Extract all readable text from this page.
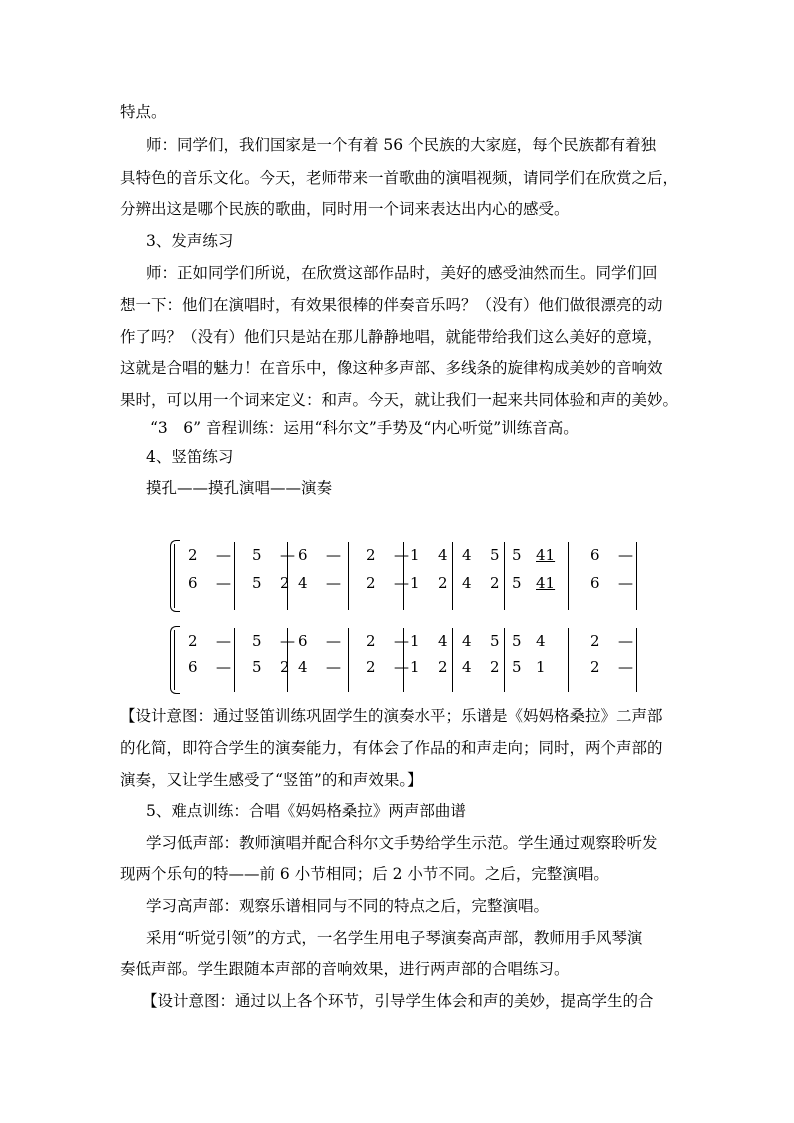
特点。
师：同学们，我们国家是一个有着 56 个民族的大家庭，每个民族都有着独
具特色的音乐文化。今天，老师带来一首歌曲的演唱视频，请同学们在欣赏之后，
分辨出这是哪个民族的歌曲，同时用一个词来表达出内心的感受。
3、发声练习
师：正如同学们所说，在欣赏这部作品时，美好的感受油然而生。同学们回
想一下：他们在演唱时，有效果很棒的伴奏音乐吗？（没有）他们做很漂亮的动
作了吗？（没有）他们只是站在那儿静静地唱，就能带给我们这么美好的意境，
这就是合唱的魅力！在音乐中，像这种多声部、多线条的旋律构成美妙的音响效
果时，可以用一个词来定义：和声。今天，就让我们一起来共同体验和声的美妙。
“3　6” 音程训练：运用“科尔文”手势及“内心听觉”训练音高。
4、竖笛练习
摸孔——摸孔演唱——演奏
2 — 5 — 6 — 2 — 1 4 4 5 5 41 6 —
6 — 5 2 4 — 2 — 1 2 4 2 5 41 6 —
2 — 5 — 6 — 2 — 1 4 4 5 5 4	2 —
6 — 5 2 4 — 2 — 1 2 4 2 5 1	2 —
【设计意图：通过竖笛训练巩固学生的演奏水平；乐谱是《妈妈格桑拉》二声部
的化简，即符合学生的演奏能力，有体会了作品的和声走向；同时，两个声部的
演奏，又让学生感受了“竖笛”的和声效果。】
5、难点训练：合唱《妈妈格桑拉》两声部曲谱
学习低声部：教师演唱并配合科尔文手势给学生示范。学生通过观察聆听发
现两个乐句的特——前 6 小节相同；后 2 小节不同。之后，完整演唱。
学习高声部：观察乐谱相同与不同的特点之后，完整演唱。
采用“听觉引领”的方式，一名学生用电子琴演奏高声部，教师用手风琴演
奏低声部。学生跟随本声部的音响效果，进行两声部的合唱练习。
【设计意图：通过以上各个环节，引导学生体会和声的美妙，提高学生的合
